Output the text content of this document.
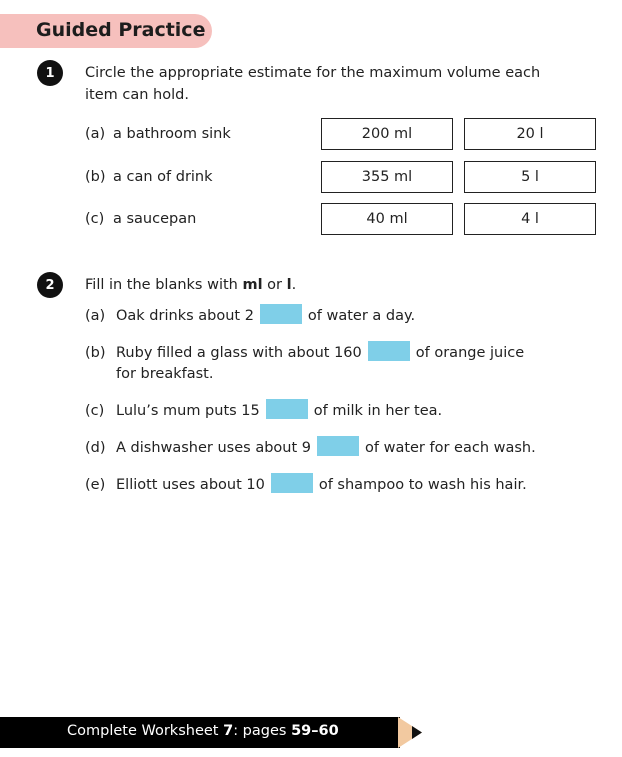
Guided Practice
1	Circle the appropriate estimate for the maximum volume each
item can hold.
(a) a bathroom sink	200 ml	20 l
(b) a can of drink	355 ml	5 l
(c) a saucepan	40 ml	4 l
2	Fill in the blanks with ml or l.
(a) Oak drinks about 2	of water a day.
(b) Ruby filled a glass with about 160	of orange juice
for breakfast.
(c) Lulu’s mum puts 15	of milk in her tea.
(d) A dishwasher uses about 9	of water for each wash.
(e) Elliott uses about 10	of shampoo to wash his hair.
Complete Worksheet 7: pages 59–60
